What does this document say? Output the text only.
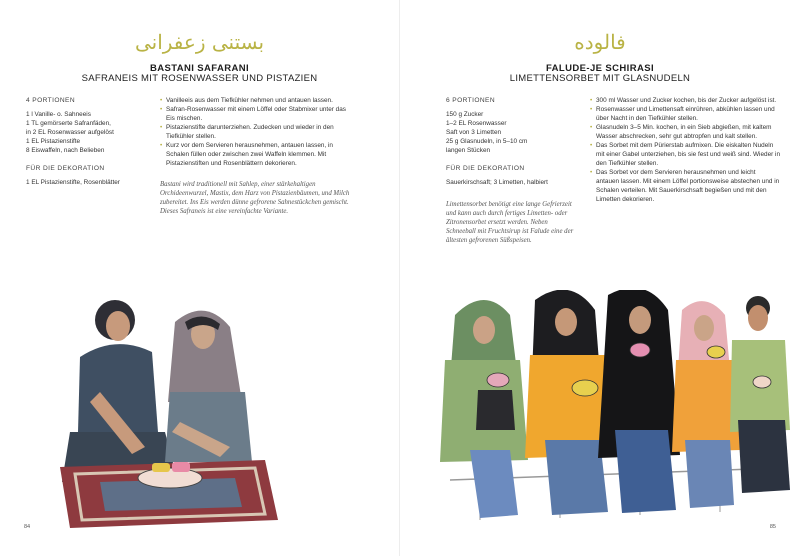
بستنی زعفرانی
BASTANI SAFARANI
SAFRANEIS MIT ROSENWASSER UND PISTAZIEN
4 PORTIONEN
1 l Vanille- o. Sahneeis
1 TL gemörserte Safranfäden,
in 2 EL Rosenwasser aufgelöst
1 EL Pistazienstifte
8 Eiswaffeln, nach Belieben
FÜR DIE DEKORATION
1 EL Pistazienstifte, Rosenblätter
• Vanilleeis aus dem Tiefkühler nehmen und antauen lassen.
• Safran-Rosenwasser mit einem Löffel oder Stabmixer unter das Eis mischen.
• Pistazienstifte darunterziehen. Zudecken und wieder in den Tiefkühler stellen.
• Kurz vor dem Servieren herausnehmen, antauen lassen, in Schalen füllen oder zwischen zwei Waffeln klemmen. Mit Pistazienstiften und Rosenblättern dekorieren.
Bastani wird traditionell mit Sahlep, einer stärkehaltigen Orchideenwurzel, Mastix, dem Harz von Pistazienbäumen, und Milch zubereitet. Ins Eis werden dünne gefrorene Sahnestückchen gemischt. Dieses Safraneis ist eine vereinfachte Variante.
84
فالوده
FALUDE-JE SCHIRASI
LIMETTENSORBET MIT GLASNUDELN
6 PORTIONEN
150 g Zucker
1–2 EL Rosenwasser
Saft von 3 Limetten
25 g Glasnudeln, in 5–10 cm
langen Stücken
FÜR DIE DEKORATION
Sauerkirschsaft; 3 Limetten, halbiert
Limettensorbet benötigt eine lange Gefrierzeit und kann auch durch fertiges Limetten- oder Zitronensorbet ersetzt werden. Neben Schneeball mit Fruchtsirup ist Falude eine der ältesten gefrorenen Süßspeisen.
• 300 ml Wasser und Zucker kochen, bis der Zucker aufgelöst ist.
• Rosenwasser und Limettensaft einrühren, abkühlen lassen und über Nacht in den Tiefkühler stellen.
• Glasnudeln 3–5 Min. kochen, in ein Sieb abgießen, mit kaltem Wasser abschrecken, sehr gut abtropfen und kalt stellen.
• Das Sorbet mit dem Pürierstab aufmixen. Die eiskalten Nudeln mit einer Gabel unterziehen, bis sie fest und weiß sind. Wieder in den Tiefkühler stellen.
• Das Sorbet vor dem Servieren herausnehmen und leicht antauen lassen. Mit einem Löffel portionsweise abstechen und in Schalen verteilen. Mit Sauerkirschsaft begießen und mit den Limetten dekorieren.
85
